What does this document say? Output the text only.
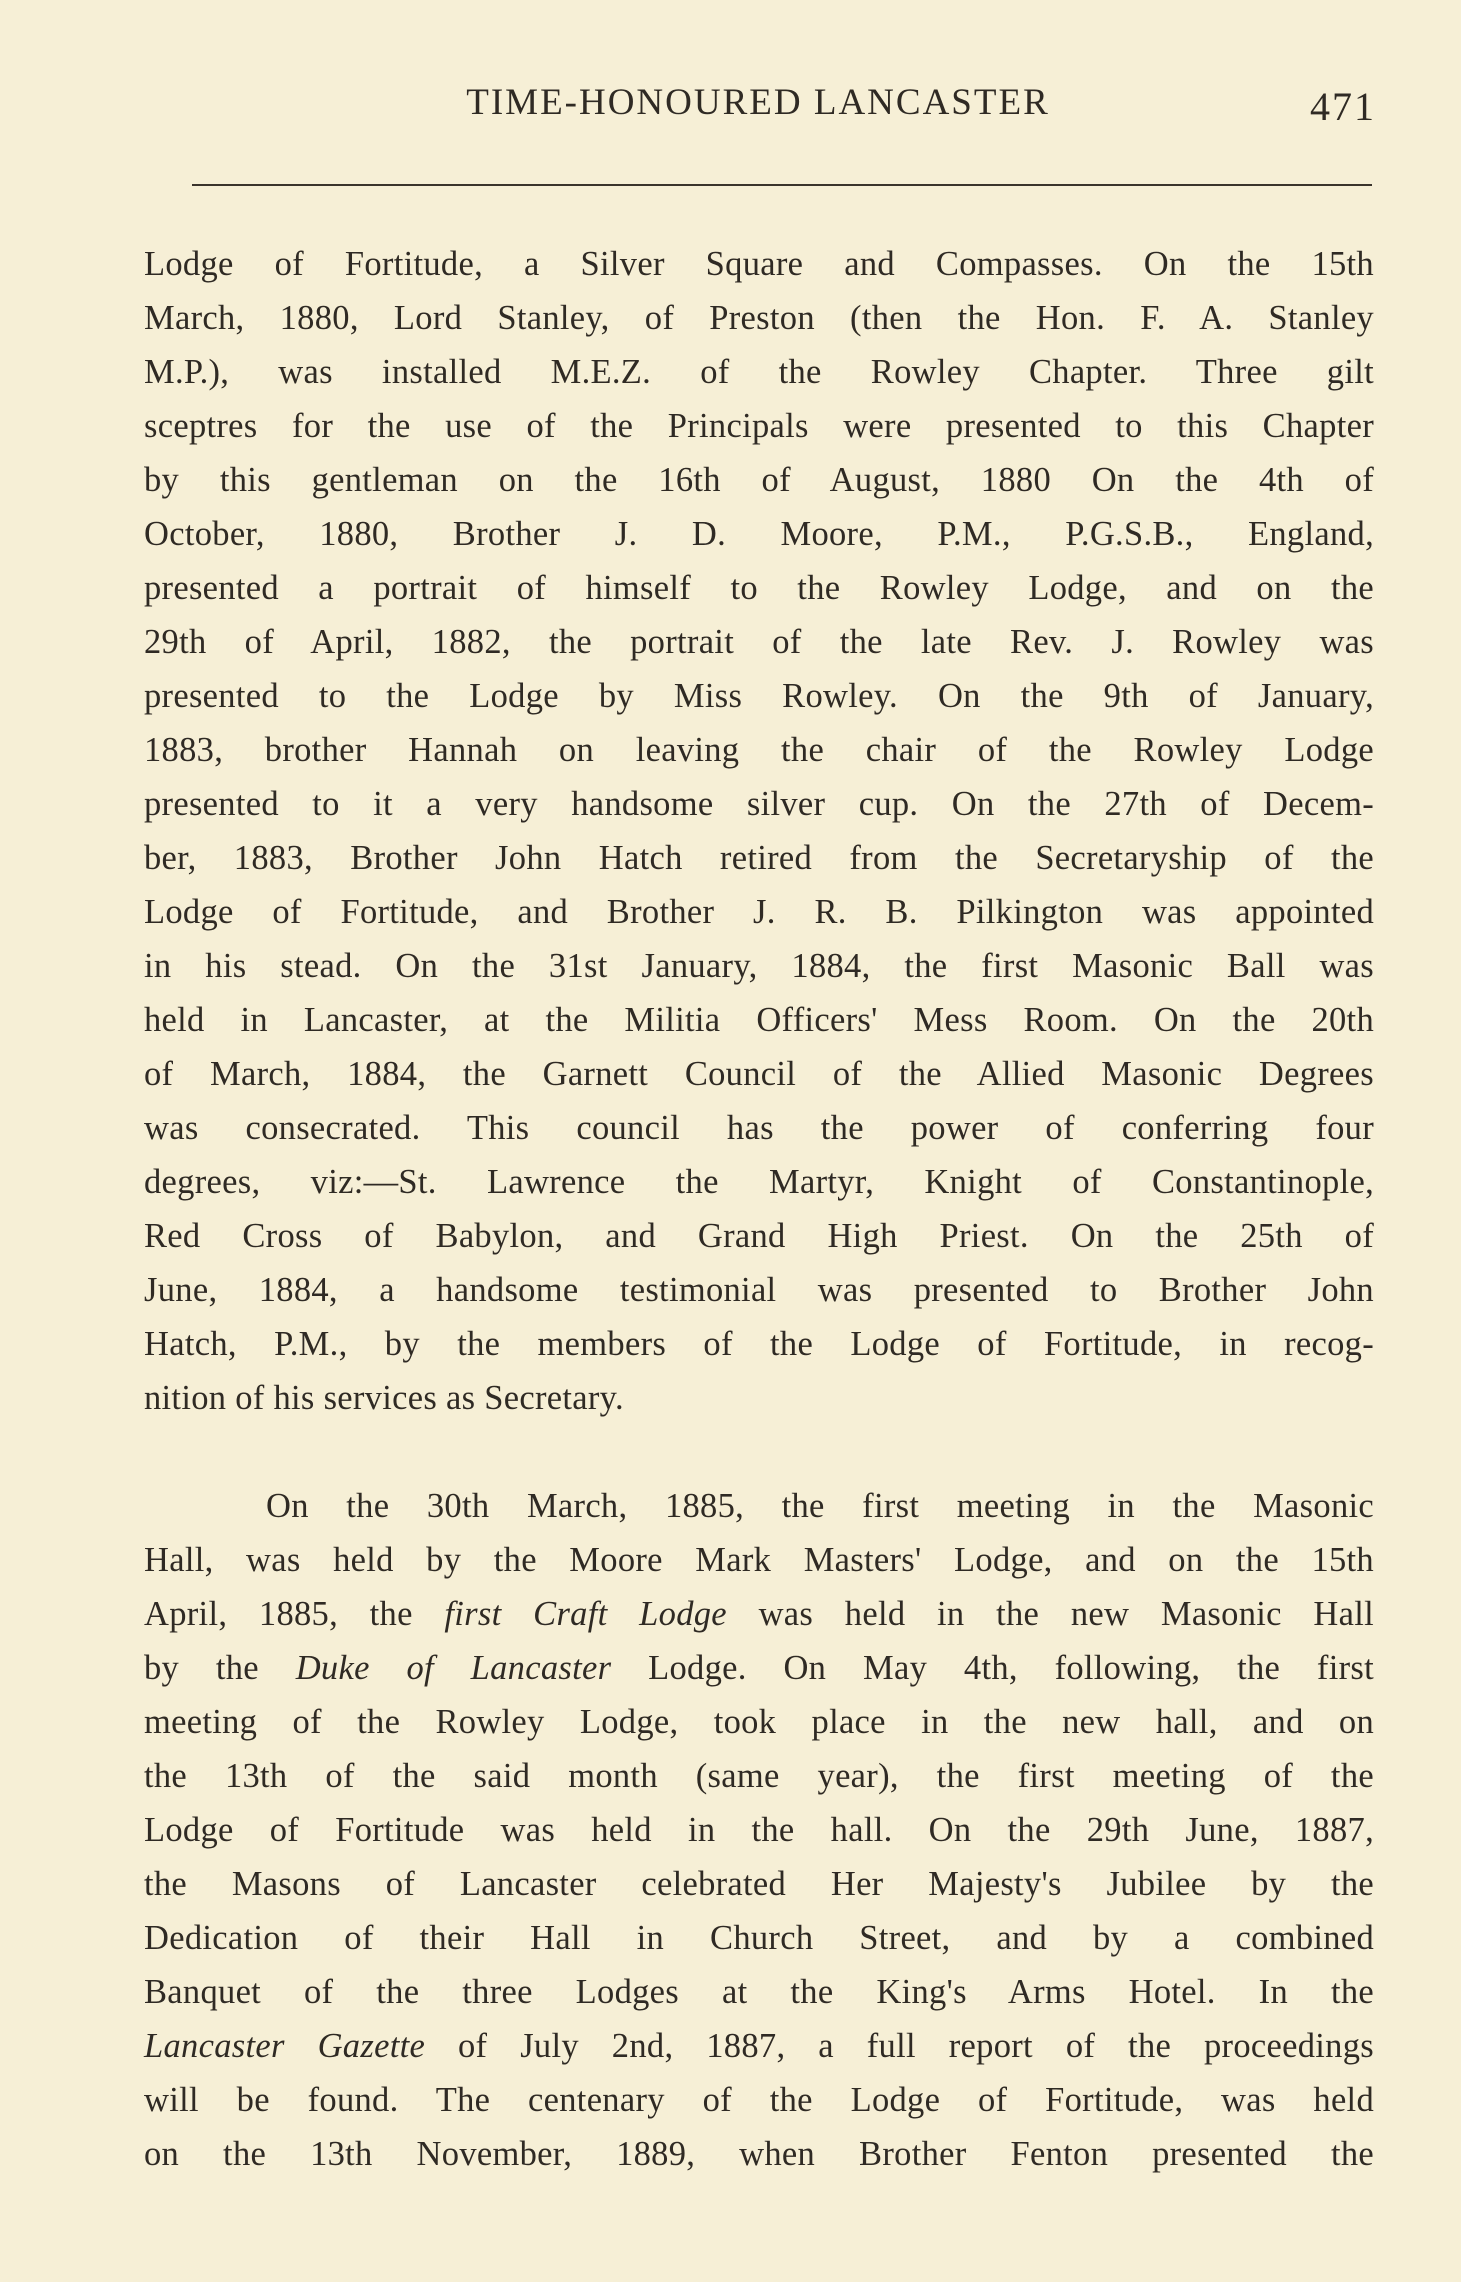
TIME-HONOURED LANCASTER	471
Lodge of Fortitude, a Silver Square and Compasses. On the 15th
March, 1880, Lord Stanley, of Preston (then the Hon. F. A. Stanley
M.P.), was installed M.E.Z. of the Rowley Chapter. Three gilt
sceptres for the use of the Principals were presented to this Chapter
by this gentleman on the 16th of August, 1880 On the 4th of
October, 1880, Brother J. D. Moore, P.M., P.G.S.B., England,
presented a portrait of himself to the Rowley Lodge, and on the
29th of April, 1882, the portrait of the late Rev. J. Rowley was
presented to the Lodge by Miss Rowley. On the 9th of January,
1883, brother Hannah on leaving the chair of the Rowley Lodge
presented to it a very handsome silver cup. On the 27th of Decem-
ber, 1883, Brother John Hatch retired from the Secretaryship of the
Lodge of Fortitude, and Brother J. R. B. Pilkington was appointed
in his stead. On the 31st January, 1884, the first Masonic Ball was
held in Lancaster, at the Militia Officers' Mess Room. On the 20th
of March, 1884, the Garnett Council of the Allied Masonic Degrees
was consecrated. This council has the power of conferring four
degrees, viz:—St. Lawrence the Martyr, Knight of Constantinople,
Red Cross of Babylon, and Grand High Priest. On the 25th of
June, 1884, a handsome testimonial was presented to Brother John
Hatch, P.M., by the members of the Lodge of Fortitude, in recog-
nition of his services as Secretary.
On the 30th March, 1885, the first meeting in the Masonic
Hall, was held by the Moore Mark Masters' Lodge, and on the 15th
April, 1885, the first Craft Lodge was held in the new Masonic Hall
by the Duke of Lancaster Lodge. On May 4th, following, the first
meeting of the Rowley Lodge, took place in the new hall, and on
the 13th of the said month (same year), the first meeting of the
Lodge of Fortitude was held in the hall. On the 29th June, 1887,
the Masons of Lancaster celebrated Her Majesty's Jubilee by the
Dedication of their Hall in Church Street, and by a combined
Banquet of the three Lodges at the King's Arms Hotel. In the
Lancaster Gazette of July 2nd, 1887, a full report of the proceedings
will be found. The centenary of the Lodge of Fortitude, was held
on the 13th November, 1889, when Brother Fenton presented the
